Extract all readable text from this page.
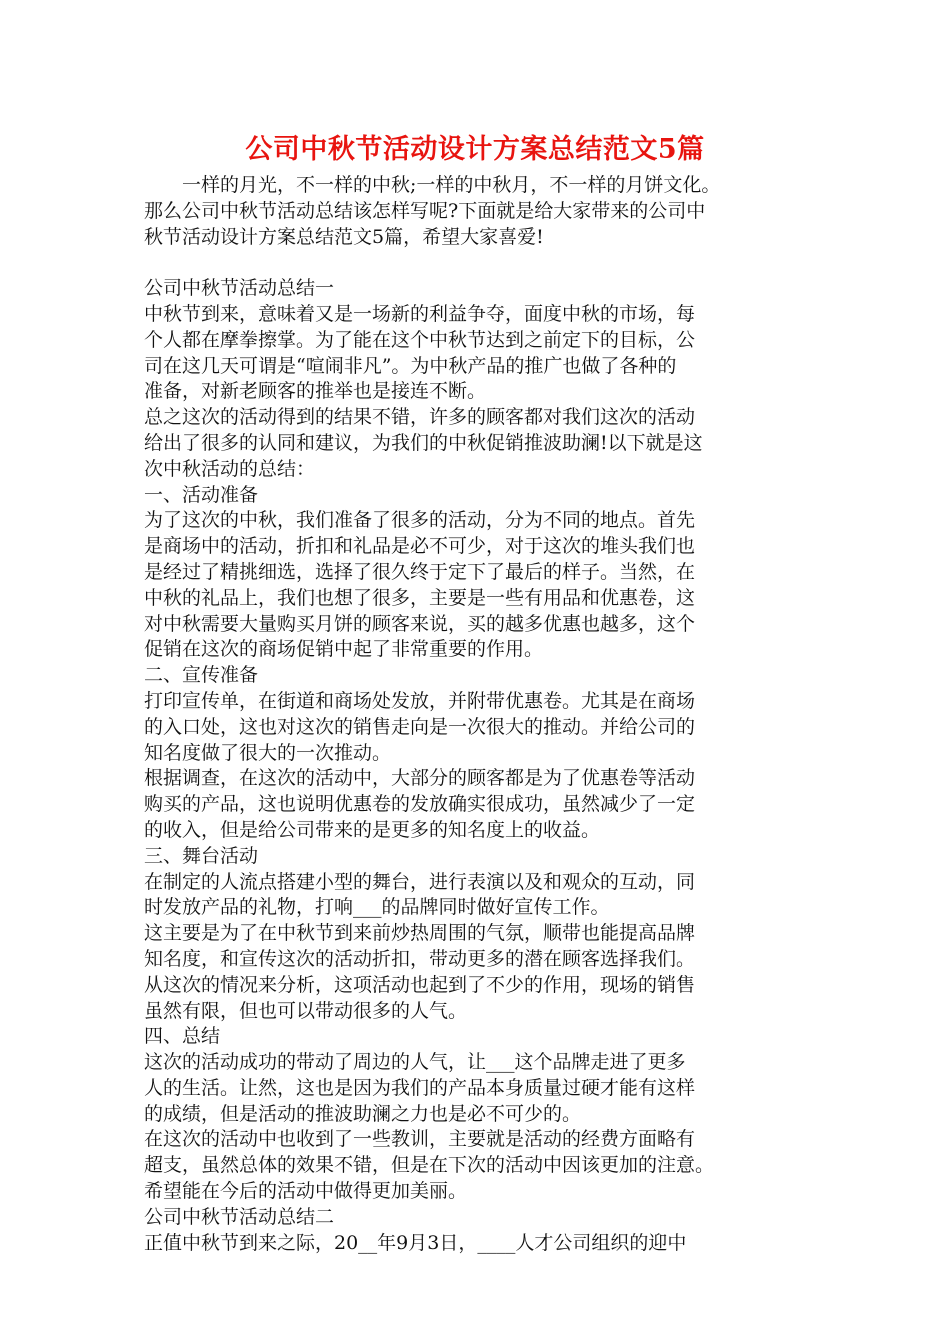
公司中秋节活动设计方案总结范文5篇
　　一样的月光，不一样的中秋;一样的中秋月，不一样的月饼文化。
那么公司中秋节活动总结该怎样写呢?下面就是给大家带来的公司中
秋节活动设计方案总结范文5篇，希望大家喜爱!
公司中秋节活动总结一
中秋节到来，意味着又是一场新的利益争夺，面度中秋的市场，每
个人都在摩拳擦掌。为了能在这个中秋节达到之前定下的目标，公
司在这几天可谓是“喧闹非凡”。为中秋产品的推广也做了各种的
准备，对新老顾客的推举也是接连不断。
总之这次的活动得到的结果不错，许多的顾客都对我们这次的活动
给出了很多的认同和建议，为我们的中秋促销推波助澜!以下就是这
次中秋活动的总结：
一、活动准备
为了这次的中秋，我们准备了很多的活动，分为不同的地点。首先
是商场中的活动，折扣和礼品是必不可少，对于这次的堆头我们也
是经过了精挑细选，选择了很久终于定下了最后的样子。当然，在
中秋的礼品上，我们也想了很多，主要是一些有用品和优惠卷，这
对中秋需要大量购买月饼的顾客来说，买的越多优惠也越多，这个
促销在这次的商场促销中起了非常重要的作用。
二、宣传准备
打印宣传单，在街道和商场处发放，并附带优惠卷。尤其是在商场
的入口处，这也对这次的销售走向是一次很大的推动。并给公司的
知名度做了很大的一次推动。
根据调查，在这次的活动中，大部分的顾客都是为了优惠卷等活动
购买的产品，这也说明优惠卷的发放确实很成功，虽然减少了一定
的收入，但是给公司带来的是更多的知名度上的收益。
三、舞台活动
在制定的人流点搭建小型的舞台，进行表演以及和观众的互动，同
时发放产品的礼物，打响___的品牌同时做好宣传工作。
这主要是为了在中秋节到来前炒热周围的气氛，顺带也能提高品牌
知名度，和宣传这次的活动折扣，带动更多的潜在顾客选择我们。
从这次的情况来分析，这项活动也起到了不少的作用，现场的销售
虽然有限，但也可以带动很多的人气。
四、总结
这次的活动成功的带动了周边的人气，让___这个品牌走进了更多
人的生活。让然，这也是因为我们的产品本身质量过硬才能有这样
的成绩，但是活动的推波助澜之力也是必不可少的。
在这次的活动中也收到了一些教训，主要就是活动的经费方面略有
超支，虽然总体的效果不错，但是在下次的活动中因该更加的注意。
希望能在今后的活动中做得更加美丽。
公司中秋节活动总结二
正值中秋节到来之际，20__年9月3日，____人才公司组织的迎中
